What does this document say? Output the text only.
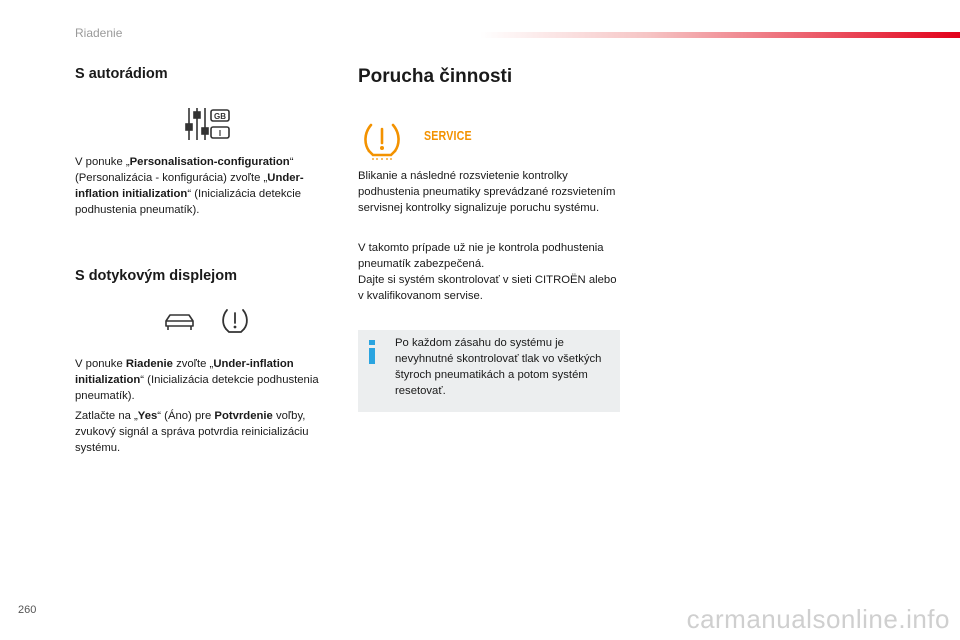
Riadenie
S autorádiom
GB
I

V ponuke „Personalisation-configuration“ (Personalizácia - konfigurácia) zvoľte „Under-inflation initialization“ (Inicializácia detekcie podhustenia pneumatík).

S dotykovým displejom

V ponuke Riadenie zvoľte „Under-inflation initialization“ (Inicializácia detekcie podhustenia pneumatík).

Zatlačte na „Yes“ (Áno) pre Potvrdenie voľby, zvukový signál a správa potvrdia reinicializáciu systému.

Porucha činnosti
SERVICE

Blikanie a následné rozsvietenie kontrolky podhustenia pneumatiky sprevádzané rozsvietením servisnej kontrolky signalizuje poruchu systému.

V takomto prípade už nie je kontrola podhustenia pneumatík zabezpečená.

Dajte si systém skontrolovať v sieti CITROËN alebo v kvalifikovanom servise.

Po každom zásahu do systému je nevyhnutné skontrolovať tlak vo všetkých štyroch pneumatikách a potom systém resetovať.
260	carmanualsonline.info
